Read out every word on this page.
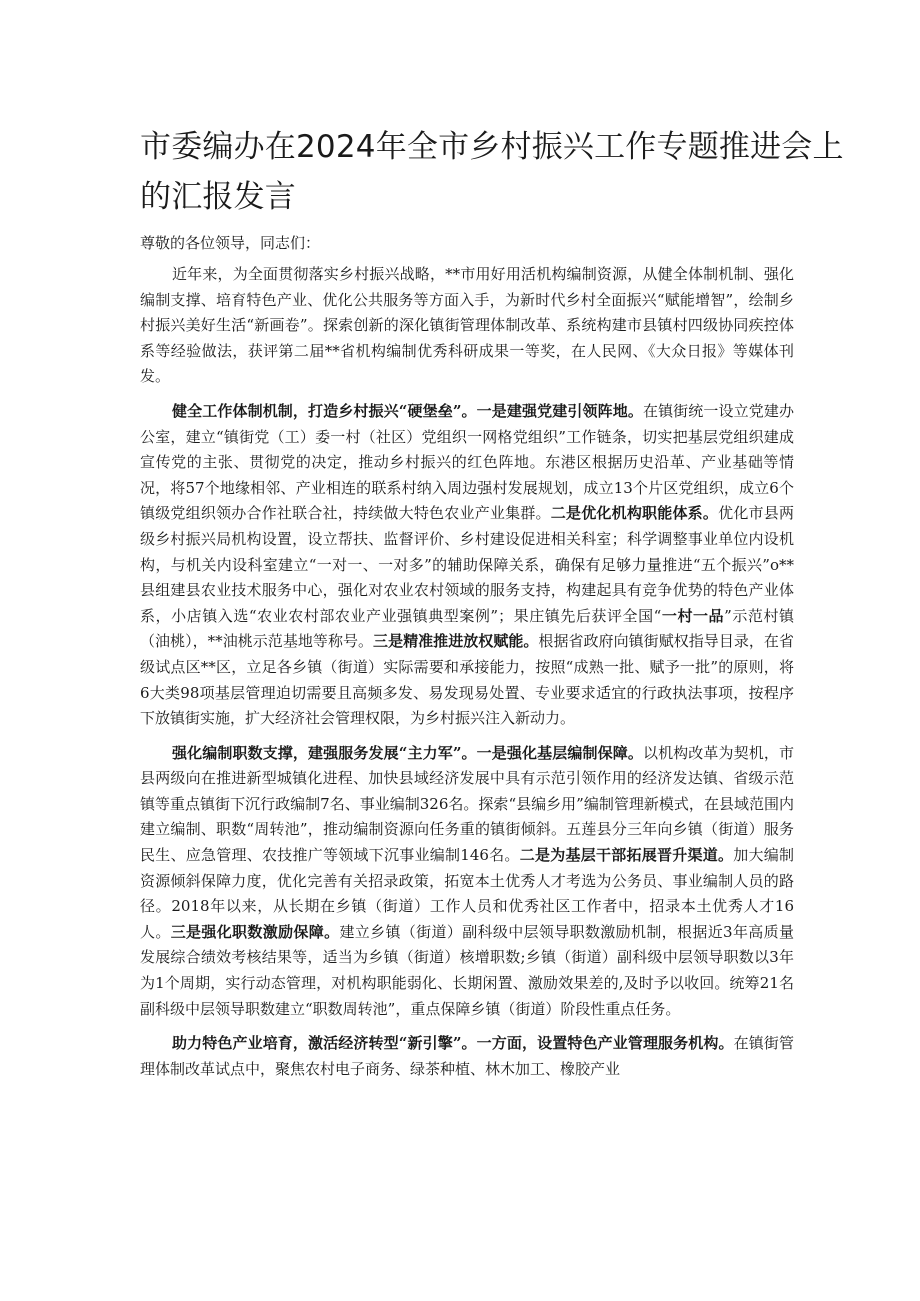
市委编办在2024年全市乡村振兴工作专题推进会上
的汇报发言

尊敬的各位领导，同志们：

近年来，为全面贯彻落实乡村振兴战略，**市用好用活机构编制资源，从健全体制机制、强化编制支撑、培育特色产业、优化公共服务等方面入手，为新时代乡村全面振兴“赋能增智”，绘制乡村振兴美好生活“新画卷”。探索创新的深化镇街管理体制改革、系统构建市县镇村四级协同疾控体系等经验做法，获评第二届**省机构编制优秀科研成果一等奖，在人民网、《大众日报》等媒体刊发。

健全工作体制机制，打造乡村振兴“硬堡垒”。一是建强党建引领阵地。在镇街统一设立党建办公室，建立“镇街党（工）委一村（社区）党组织一网格党组织”工作链条，切实把基层党组织建成宣传党的主张、贯彻党的决定，推动乡村振兴的红色阵地。东港区根据历史沿革、产业基础等情况，将57个地缘相邻、产业相连的联系村纳入周边强村发展规划，成立13个片区党组织，成立6个镇级党组织领办合作社联合社，持续做大特色农业产业集群。二是优化机构职能体系。优化市县两级乡村振兴局机构设置，设立帮扶、监督评价、乡村建设促进相关科室；科学调整事业单位内设机构，与机关内设科室建立“一对一、一对多”的辅助保障关系，确保有足够力量推进“五个振兴”o**县组建县农业技术服务中心，强化对农业农村领域的服务支持，构建起具有竞争优势的特色产业体系，小店镇入选“农业农村部农业产业强镇典型案例”；果庄镇先后获评全国“一村一品”示范村镇（油桃），**油桃示范基地等称号。三是精准推进放权赋能。根据省政府向镇街赋权指导目录，在省级试点区**区，立足各乡镇（街道）实际需要和承接能力，按照“成熟一批、赋予一批”的原则，将6大类98项基层管理迫切需要且高频多发、易发现易处置、专业要求适宜的行政执法事项，按程序下放镇街实施，扩大经济社会管理权限，为乡村振兴注入新动力。

强化编制职数支撑，建强服务发展“主力军”。一是强化基层编制保障。以机构改革为契机，市县两级向在推进新型城镇化进程、加快县域经济发展中具有示范引领作用的经济发达镇、省级示范镇等重点镇街下沉行政编制7名、事业编制326名。探索“县编乡用”编制管理新模式，在县域范围内建立编制、职数“周转池”，推动编制资源向任务重的镇街倾斜。五莲县分三年向乡镇（街道）服务民生、应急管理、农技推广等领域下沉事业编制146名。二是为基层干部拓展晋升渠道。加大编制资源倾斜保障力度，优化完善有关招录政策，拓宽本土优秀人才考选为公务员、事业编制人员的路径。2018年以来，从长期在乡镇（街道）工作人员和优秀社区工作者中，招录本土优秀人才16人。三是强化职数激励保障。建立乡镇（街道）副科级中层领导职数激励机制，根据近3年高质量发展综合绩效考核结果等，适当为乡镇（街道）核增职数;乡镇（街道）副科级中层领导职数以3年为1个周期，实行动态管理，对机构职能弱化、长期闲置、激励效果差的,及时予以收回。统筹21名副科级中层领导职数建立“职数周转池”，重点保障乡镇（街道）阶段性重点任务。

助力特色产业培育，激活经济转型“新引擎”。一方面，设置特色产业管理服务机构。在镇街管理体制改革试点中，聚焦农村电子商务、绿茶种植、林木加工、橡胶产业
